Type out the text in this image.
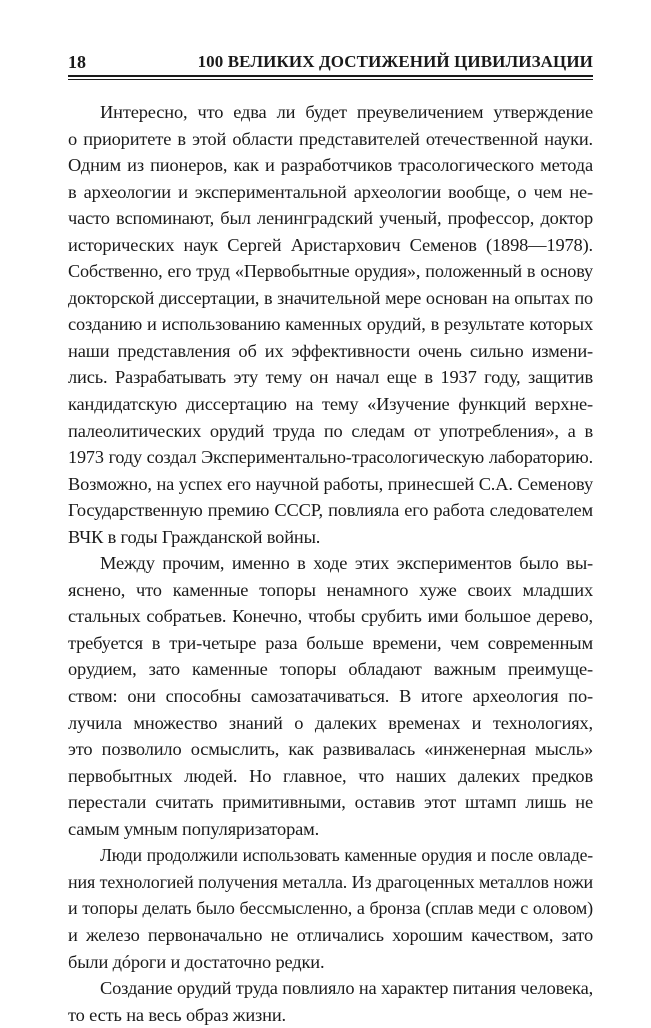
18	100 ВЕЛИКИХ ДОСТИЖЕНИЙ ЦИВИЛИЗАЦИИ
Интересно, что едва ли будет преувеличением утверждение
о приоритете в этой области представителей отечественной науки.
Одним из пионеров, как и разработчиков трасологического метода
в археологии и экспериментальной археологии вообще, о чем не-
часто вспоминают, был ленинградский ученый, профессор, доктор
исторических наук Сергей Аристархович Семенов (1898—1978).
Собственно, его труд «Первобытные орудия», положенный в основу
докторской диссертации, в значительной мере основан на опытах по
созданию и использованию каменных орудий, в результате которых
наши представления об их эффективности очень сильно измени-
лись. Разрабатывать эту тему он начал еще в 1937 году, защитив
кандидатскую диссертацию на тему «Изучение функций верхне-
палеолитических орудий труда по следам от употребления», а в
1973 году создал Экспериментально-трасологическую лабораторию.
Возможно, на успех его научной работы, принесшей С.А. Семенову
Государственную премию СССР, повлияла его работа следователем
ВЧК в годы Гражданской войны.
Между прочим, именно в ходе этих экспериментов было вы-
яснено, что каменные топоры ненамного хуже своих младших
стальных собратьев. Конечно, чтобы срубить ими большое дерево,
требуется в три-четыре раза больше времени, чем современным
орудием, зато каменные топоры обладают важным преимуще-
ством: они способны самозатачиваться. В итоге археология по-
лучила множество знаний о далеких временах и технологиях,
это позволило осмыслить, как развивалась «инженерная мысль»
первобытных людей. Но главное, что наших далеких предков
перестали считать примитивными, оставив этот штамп лишь не
самым умным популяризаторам.
Люди продолжили использовать каменные орудия и после овладе-
ния технологией получения металла. Из драгоценных металлов ножи
и топоры делать было бессмысленно, а бронза (сплав меди с оловом)
и железо первоначально не отличались хорошим качеством, зато
были дóроги и достаточно редки.
Создание орудий труда повлияло на характер питания человека,
то есть на весь образ жизни.
